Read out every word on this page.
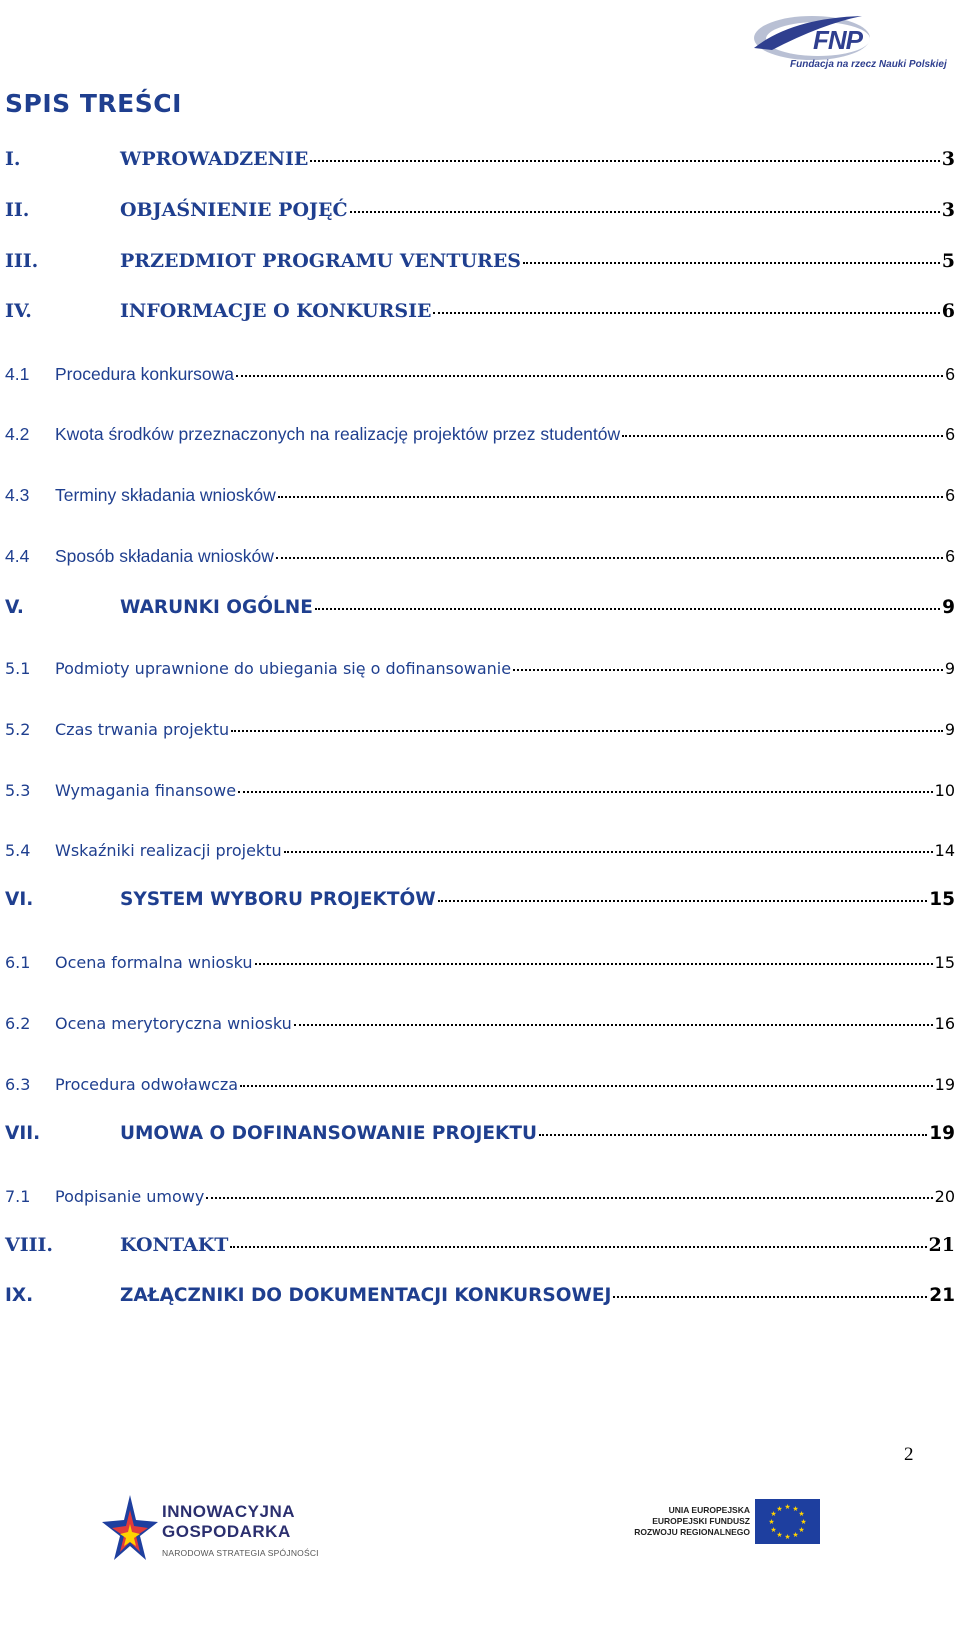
FNP
Fundacja na rzecz Nauki Polskiej
SPIS TREŚCI
I.	WPROWADZENIE	3
II.	OBJAŚNIENIE POJĘĆ	3
III.	PRZEDMIOT PROGRAMU VENTURES	5
IV.	INFORMACJE O KONKURSIE	6
4.1	Procedura konkursowa	6
4.2	Kwota środków przeznaczonych na realizację projektów przez studentów	6
4.3	Terminy składania wniosków	6
4.4	Sposób składania wniosków	6
V.	WARUNKI OGÓLNE	9
5.1	Podmioty uprawnione do ubiegania się o dofinansowanie	9
5.2	Czas trwania projektu	9
5.3	Wymagania finansowe	10
5.4	Wskaźniki realizacji projektu	14
VI.	SYSTEM WYBORU PROJEKTÓW	15
6.1	Ocena formalna wniosku	15
6.2	Ocena merytoryczna wniosku	16
6.3	Procedura odwoławcza	19
VII.	UMOWA O DOFINANSOWANIE PROJEKTU	19
7.1	Podpisanie umowy	20
VIII.	KONTAKT	21
IX.	ZAŁĄCZNIKI DO DOKUMENTACJI KONKURSOWEJ	21
2
INNOWACYJNA
GOSPODARKA
NARODOWA STRATEGIA SPÓJNOŚCI
UNIA EUROPEJSKA
EUROPEJSKI FUNDUSZ
ROZWOJU REGIONALNEGO
★ ★
★
★
★
★
★
★
★
★
★
★
